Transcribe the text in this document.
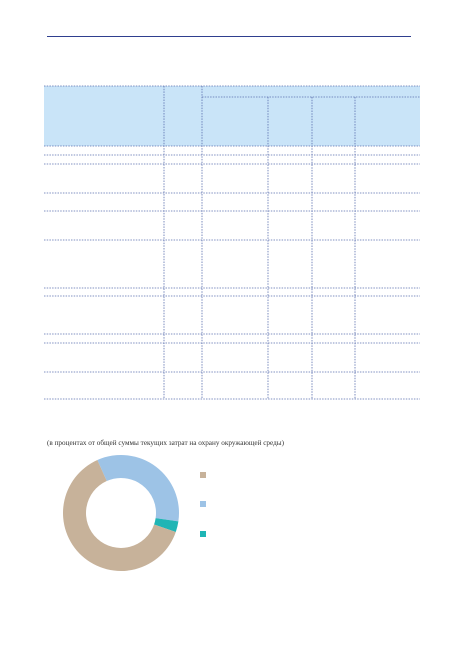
(в процентах от общей суммы текущих затрат на охрану окружающей среды)
